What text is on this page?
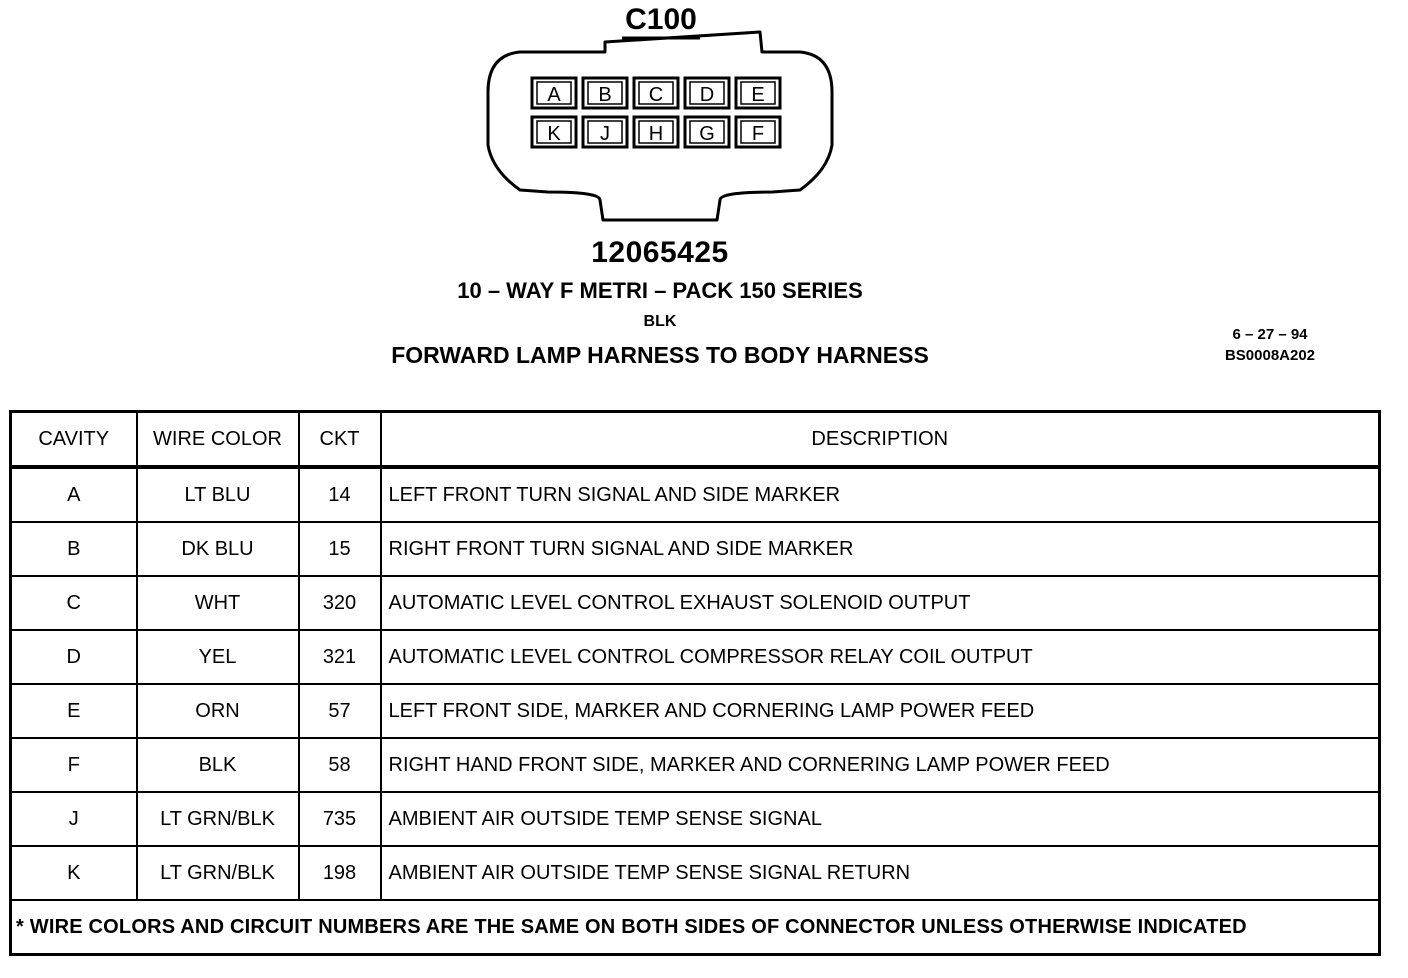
C100
A B C D E
K J H G F
12065425
10 – WAY F METRI – PACK 150 SERIES
BLK
FORWARD LAMP HARNESS TO BODY HARNESS
6 – 27 – 94
BS0008A202
CAVITY	WIRE COLOR	CKT	DESCRIPTION
A	LT BLU	14	LEFT FRONT TURN SIGNAL AND SIDE MARKER
B	DK BLU	15	RIGHT FRONT TURN SIGNAL AND SIDE MARKER
C	WHT	320	AUTOMATIC LEVEL CONTROL EXHAUST SOLENOID OUTPUT
D	YEL	321	AUTOMATIC LEVEL CONTROL COMPRESSOR RELAY COIL OUTPUT
E	ORN	57	LEFT FRONT SIDE, MARKER AND CORNERING LAMP POWER FEED
F	BLK	58	RIGHT HAND FRONT SIDE, MARKER AND CORNERING LAMP POWER FEED
J	LT GRN/BLK	735	AMBIENT AIR OUTSIDE TEMP SENSE SIGNAL
K	LT GRN/BLK	198	AMBIENT AIR OUTSIDE TEMP SENSE SIGNAL RETURN
* WIRE COLORS AND CIRCUIT NUMBERS ARE THE SAME ON BOTH SIDES OF CONNECTOR UNLESS OTHERWISE INDICATED			
